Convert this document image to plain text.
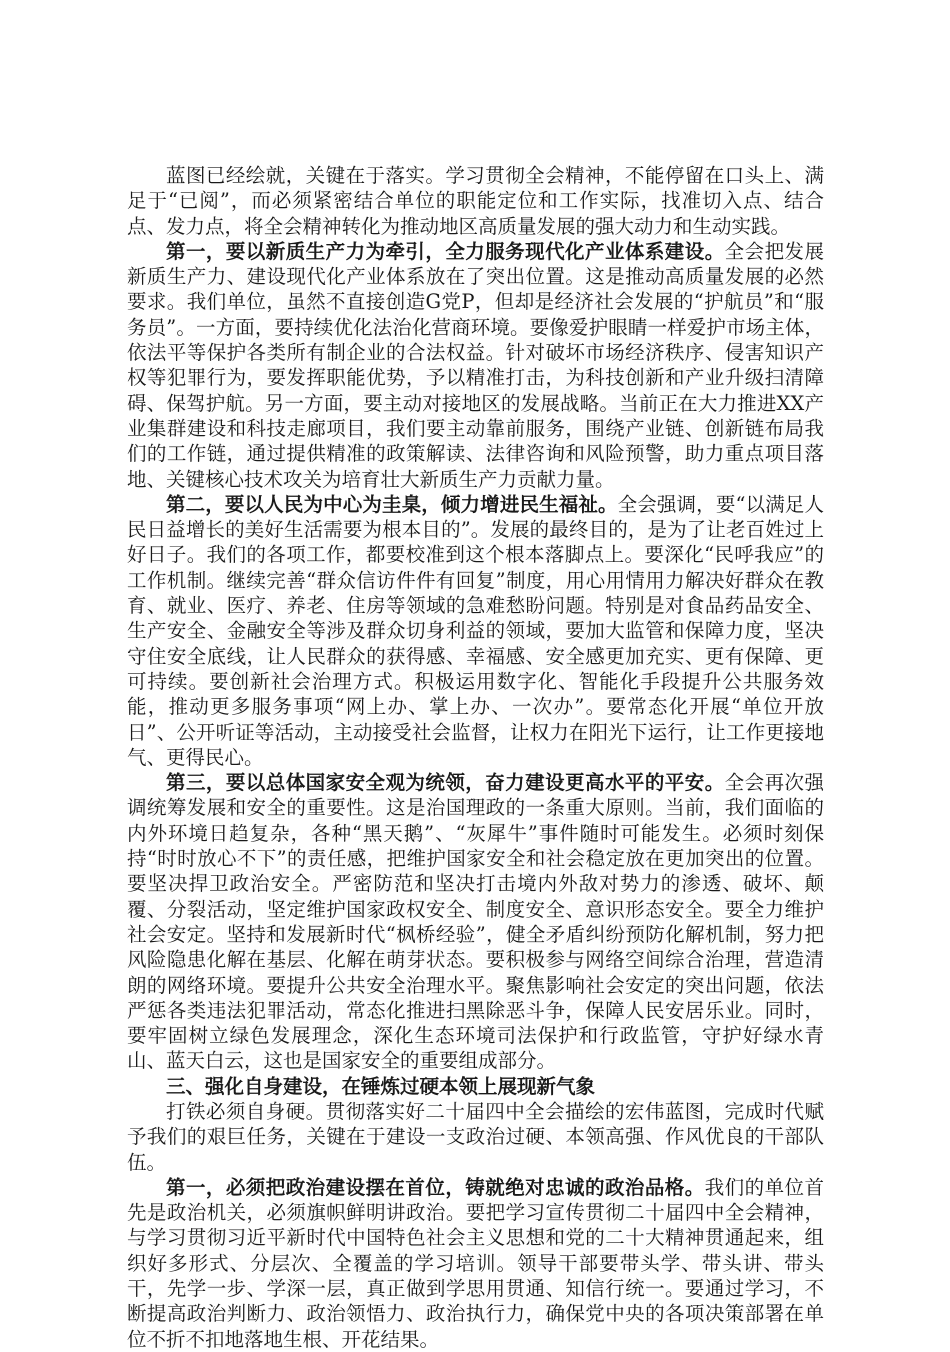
蓝图已经绘就，关键在于落实。学习贯彻全会精神，不能停留在口头上、满足于“已阅”，而必须紧密结合单位的职能定位和工作实际，找准切入点、结合点、发力点，将全会精神转化为推动地区高质量发展的强大动力和生动实践。

第一，要以新质生产力为牵引，全力服务现代化产业体系建设。全会把发展新质生产力、建设现代化产业体系放在了突出位置。这是推动高质量发展的必然要求。我们单位，虽然不直接创造G党P，但却是经济社会发展的“护航员”和“服务员”。一方面，要持续优化法治化营商环境。要像爱护眼睛一样爱护市场主体，依法平等保护各类所有制企业的合法权益。针对破坏市场经济秩序、侵害知识产权等犯罪行为，要发挥职能优势，予以精准打击，为科技创新和产业升级扫清障碍、保驾护航。另一方面，要主动对接地区的发展战略。当前正在大力推进XX产业集群建设和科技走廊项目，我们要主动靠前服务，围绕产业链、创新链布局我们的工作链，通过提供精准的政策解读、法律咨询和风险预警，助力重点项目落地、关键核心技术攻关为培育壮大新质生产力贡献力量。

第二，要以人民为中心为圭臬，倾力增进民生福祉。全会强调，要“以满足人民日益增长的美好生活需要为根本目的”。发展的最终目的，是为了让老百姓过上好日子。我们的各项工作，都要校准到这个根本落脚点上。要深化“民呼我应”的工作机制。继续完善“群众信访件件有回复”制度，用心用情用力解决好群众在教育、就业、医疗、养老、住房等领域的急难愁盼问题。特别是对食品药品安全、生产安全、金融安全等涉及群众切身利益的领域，要加大监管和保障力度，坚决守住安全底线，让人民群众的获得感、幸福感、安全感更加充实、更有保障、更可持续。要创新社会治理方式。积极运用数字化、智能化手段提升公共服务效能，推动更多服务事项“网上办、掌上办、一次办”。要常态化开展“单位开放日”、公开听证等活动，主动接受社会监督，让权力在阳光下运行，让工作更接地气、更得民心。

第三，要以总体国家安全观为统领，奋力建设更高水平的平安。全会再次强调统筹发展和安全的重要性。这是治国理政的一条重大原则。当前，我们面临的内外环境日趋复杂，各种“黑天鹅”、“灰犀牛”事件随时可能发生。必须时刻保持“时时放心不下”的责任感，把维护国家安全和社会稳定放在更加突出的位置。要坚决捍卫政治安全。严密防范和坚决打击境内外敌对势力的渗透、破坏、颠覆、分裂活动，坚定维护国家政权安全、制度安全、意识形态安全。要全力维护社会安定。坚持和发展新时代“枫桥经验”，健全矛盾纠纷预防化解机制，努力把风险隐患化解在基层、化解在萌芽状态。要积极参与网络空间综合治理，营造清朗的网络环境。要提升公共安全治理水平。聚焦影响社会安定的突出问题，依法严惩各类违法犯罪活动，常态化推进扫黑除恶斗争，保障人民安居乐业。同时，要牢固树立绿色发展理念，深化生态环境司法保护和行政监管，守护好绿水青山、蓝天白云，这也是国家安全的重要组成部分。

三、强化自身建设，在锤炼过硬本领上展现新气象

打铁必须自身硬。贯彻落实好二十届四中全会描绘的宏伟蓝图，完成时代赋予我们的艰巨任务，关键在于建设一支政治过硬、本领高强、作风优良的干部队伍。

第一，必须把政治建设摆在首位，铸就绝对忠诚的政治品格。我们的单位首先是政治机关，必须旗帜鲜明讲政治。要把学习宣传贯彻二十届四中全会精神，与学习贯彻习近平新时代中国特色社会主义思想和党的二十大精神贯通起来，组织好多形式、分层次、全覆盖的学习培训。领导干部要带头学、带头讲、带头干，先学一步、学深一层，真正做到学思用贯通、知信行统一。要通过学习，不断提高政治判断力、政治领悟力、政治执行力，确保党中央的各项决策部署在单位不折不扣地落地生根、开花结果。
